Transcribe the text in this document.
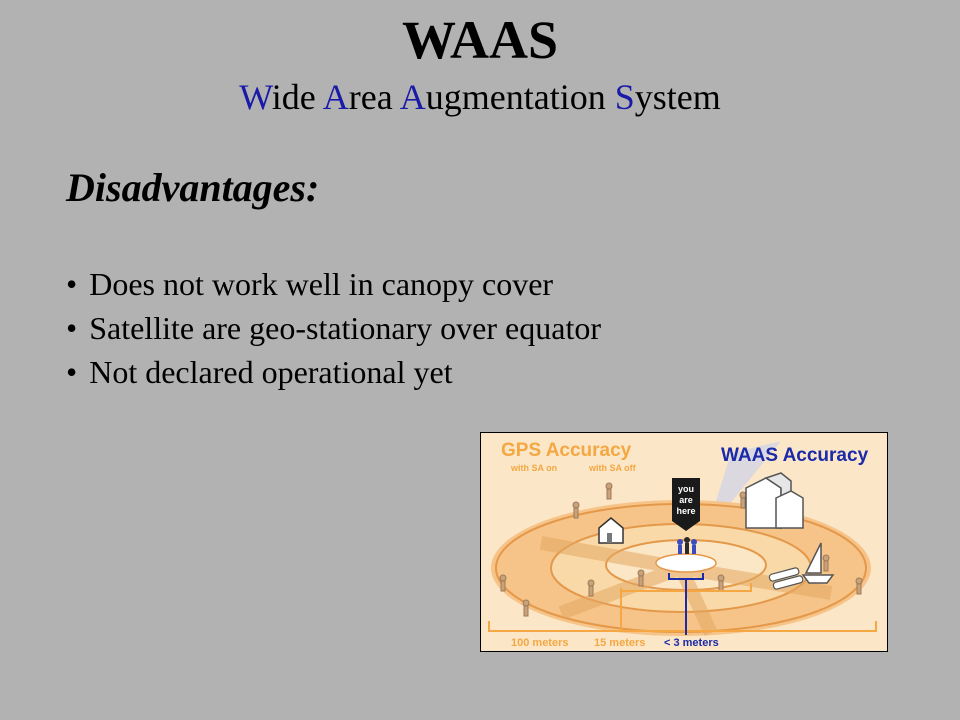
WAAS
Wide Area Augmentation System
Disadvantages:
• Does not work well in canopy cover
• Satellite are geo-stationary over equator
• Not declared operational yet
you
are
here
GPS Accuracy
with SA on	with SA off
WAAS Accuracy
100 meters 15 meters < 3 meters
